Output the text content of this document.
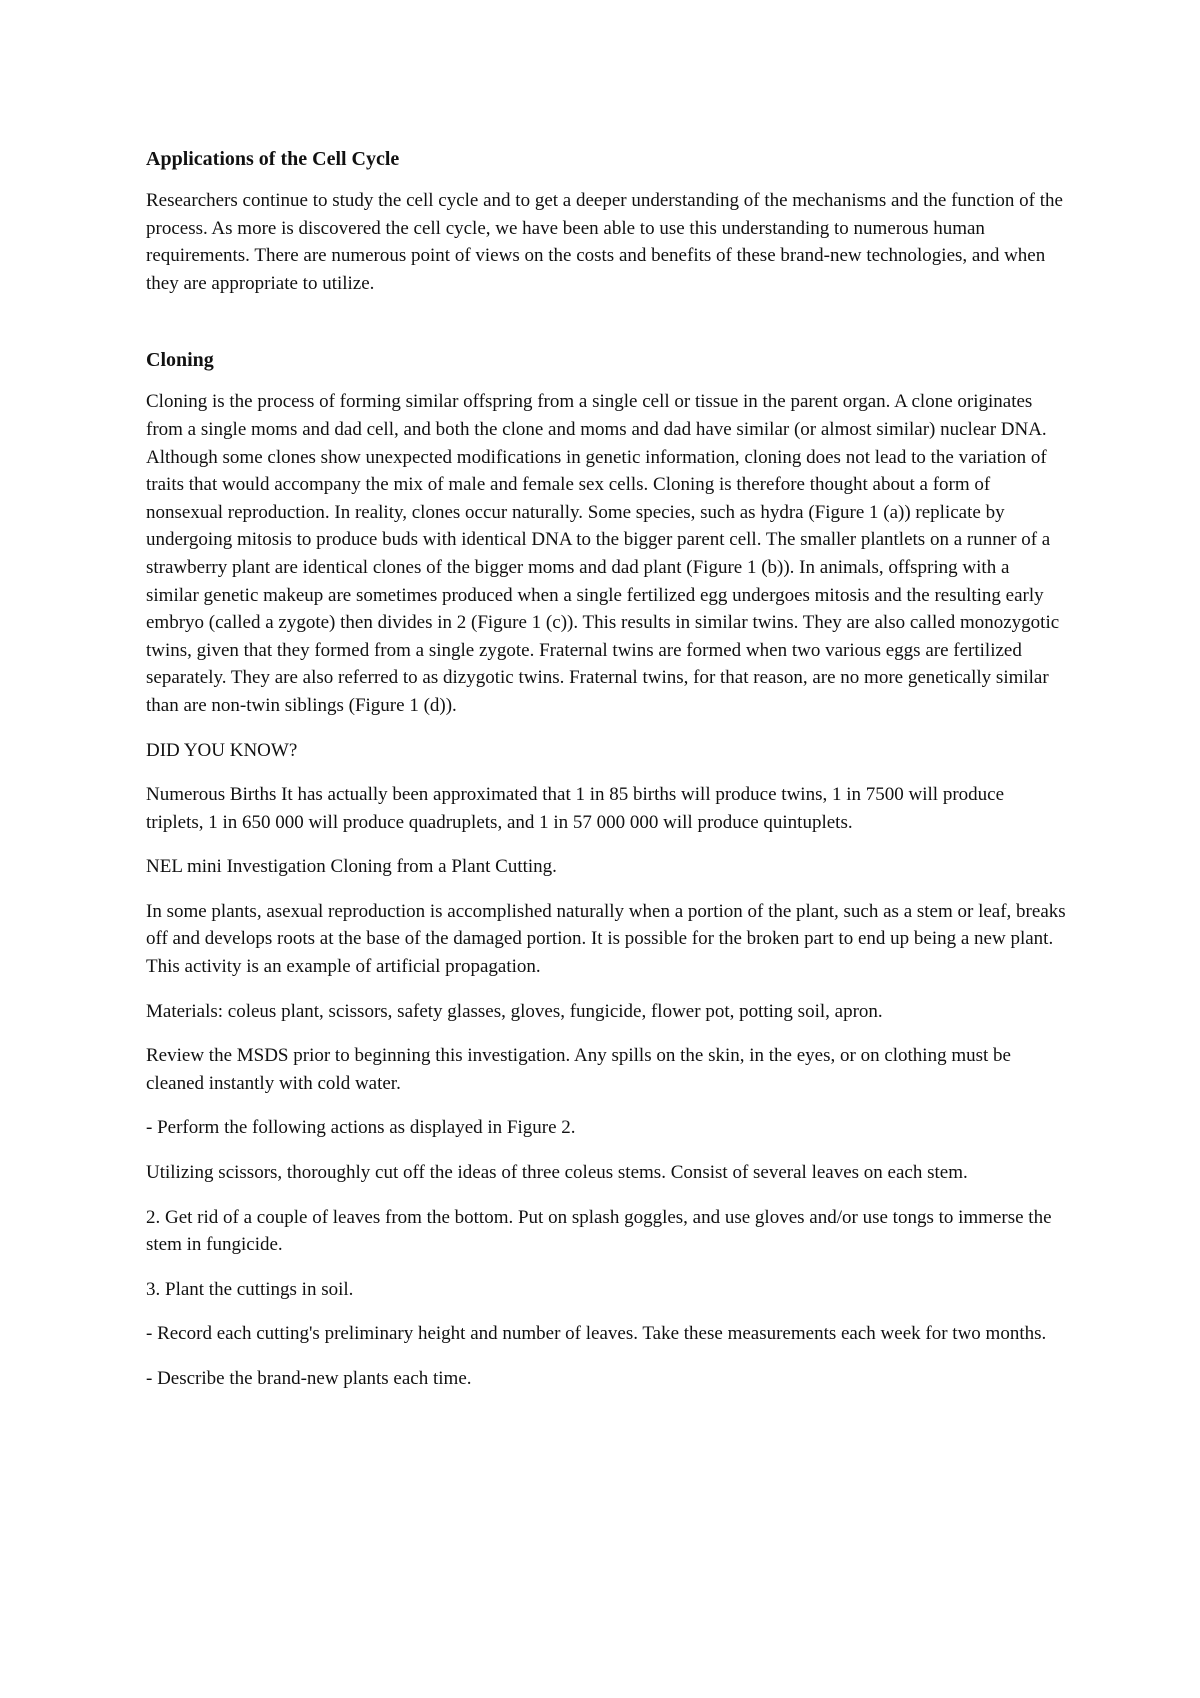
Applications of the Cell Cycle

Researchers continue to study the cell cycle and to get a deeper understanding of the mechanisms and the function of the process. As more is discovered the cell cycle, we have been able to use this understanding to numerous human requirements. There are numerous point of views on the costs and benefits of these brand-new technologies, and when they are appropriate to utilize.

Cloning

Cloning is the process of forming similar offspring from a single cell or tissue in the parent organ. A clone originates from a single moms and dad cell, and both the clone and moms and dad have similar (or almost similar) nuclear DNA. Although some clones show unexpected modifications in genetic information, cloning does not lead to the variation of traits that would accompany the mix of male and female sex cells. Cloning is therefore thought about a form of nonsexual reproduction. In reality, clones occur naturally. Some species, such as hydra (Figure 1 (a)) replicate by undergoing mitosis to produce buds with identical DNA to the bigger parent cell. The smaller plantlets on a runner of a strawberry plant are identical clones of the bigger moms and dad plant (Figure 1 (b)). In animals, offspring with a similar genetic makeup are sometimes produced when a single fertilized egg undergoes mitosis and the resulting early embryo (called a zygote) then divides in 2 (Figure 1 (c)). This results in similar twins. They are also called monozygotic twins, given that they formed from a single zygote. Fraternal twins are formed when two various eggs are fertilized separately. They are also referred to as dizygotic twins. Fraternal twins, for that reason, are no more genetically similar than are non-twin siblings (Figure 1 (d)).

DID YOU KNOW?

Numerous Births It has actually been approximated that 1 in 85 births will produce twins, 1 in 7500 will produce triplets, 1 in 650 000 will produce quadruplets, and 1 in 57 000 000 will produce quintuplets.

NEL mini Investigation Cloning from a Plant Cutting.

In some plants, asexual reproduction is accomplished naturally when a portion of the plant, such as a stem or leaf, breaks off and develops roots at the base of the damaged portion. It is possible for the broken part to end up being a new plant. This activity is an example of artificial propagation.

Materials: coleus plant, scissors, safety glasses, gloves, fungicide, flower pot, potting soil, apron.

Review the MSDS prior to beginning this investigation. Any spills on the skin, in the eyes, or on clothing must be cleaned instantly with cold water.

- Perform the following actions as displayed in Figure 2.

Utilizing scissors, thoroughly cut off the ideas of three coleus stems. Consist of several leaves on each stem.

2. Get rid of a couple of leaves from the bottom. Put on splash goggles, and use gloves and/or use tongs to immerse the stem in fungicide.

3. Plant the cuttings in soil.

- Record each cutting's preliminary height and number of leaves. Take these measurements each week for two months.

- Describe the brand-new plants each time.
